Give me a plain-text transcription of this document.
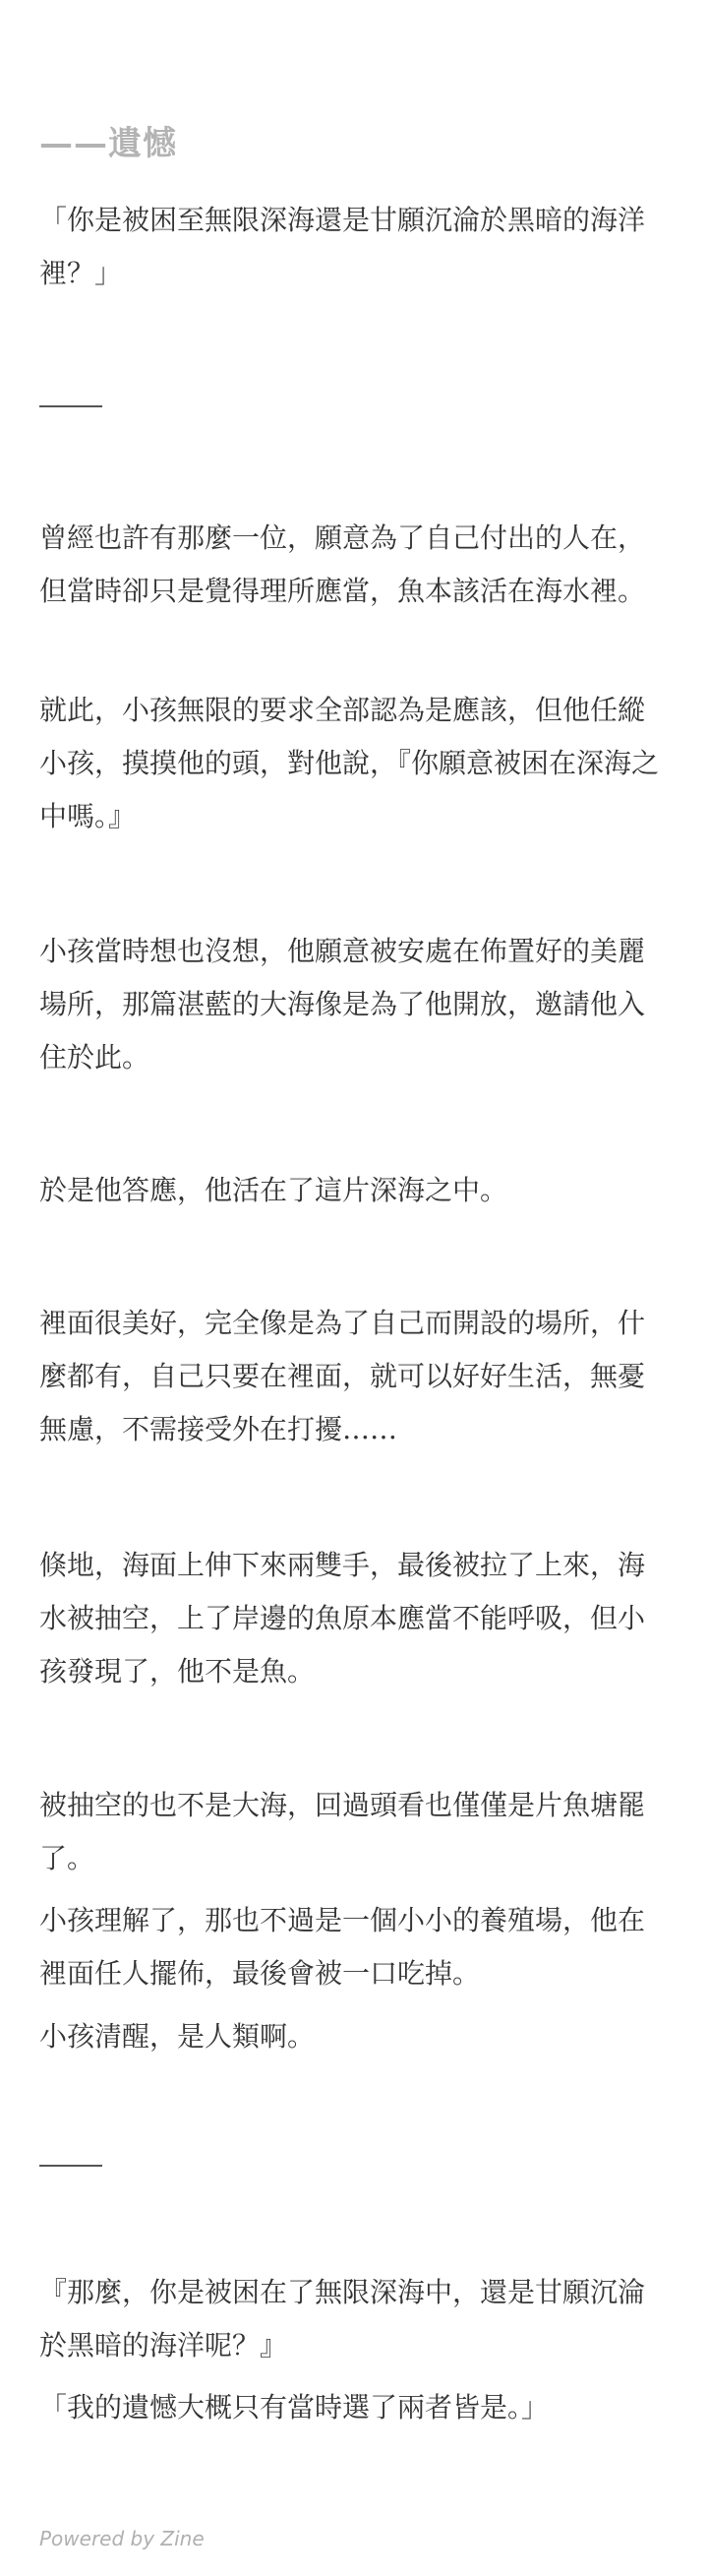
——遺憾

「你是被困至無限深海還是甘願沉淪於黑暗的海洋裡？」

曾經也許有那麼一位，願意為了自己付出的人在，但當時卻只是覺得理所應當，魚本該活在海水裡。

就此，小孩無限的要求全部認為是應該，但他任縱小孩，摸摸他的頭，對他說，『你願意被困在深海之中嗎。』

小孩當時想也沒想，他願意被安處在佈置好的美麗場所，那篇湛藍的大海像是為了他開放，邀請他入住於此。

於是他答應，他活在了這片深海之中。

裡面很美好，完全像是為了自己而開設的場所，什麼都有，自己只要在裡面，就可以好好生活，無憂無慮，不需接受外在打擾……

倏地，海面上伸下來兩雙手，最後被拉了上來，海水被抽空，上了岸邊的魚原本應當不能呼吸，但小孩發現了，他不是魚。

被抽空的也不是大海，回過頭看也僅僅是片魚塘罷了。

小孩理解了，那也不過是一個小小的養殖場，他在裡面任人擺佈，最後會被一口吃掉。

小孩清醒，是人類啊。

『那麼，你是被困在了無限深海中，還是甘願沉淪於黑暗的海洋呢？』

「我的遺憾大概只有當時選了兩者皆是。」

Powered by Zine
